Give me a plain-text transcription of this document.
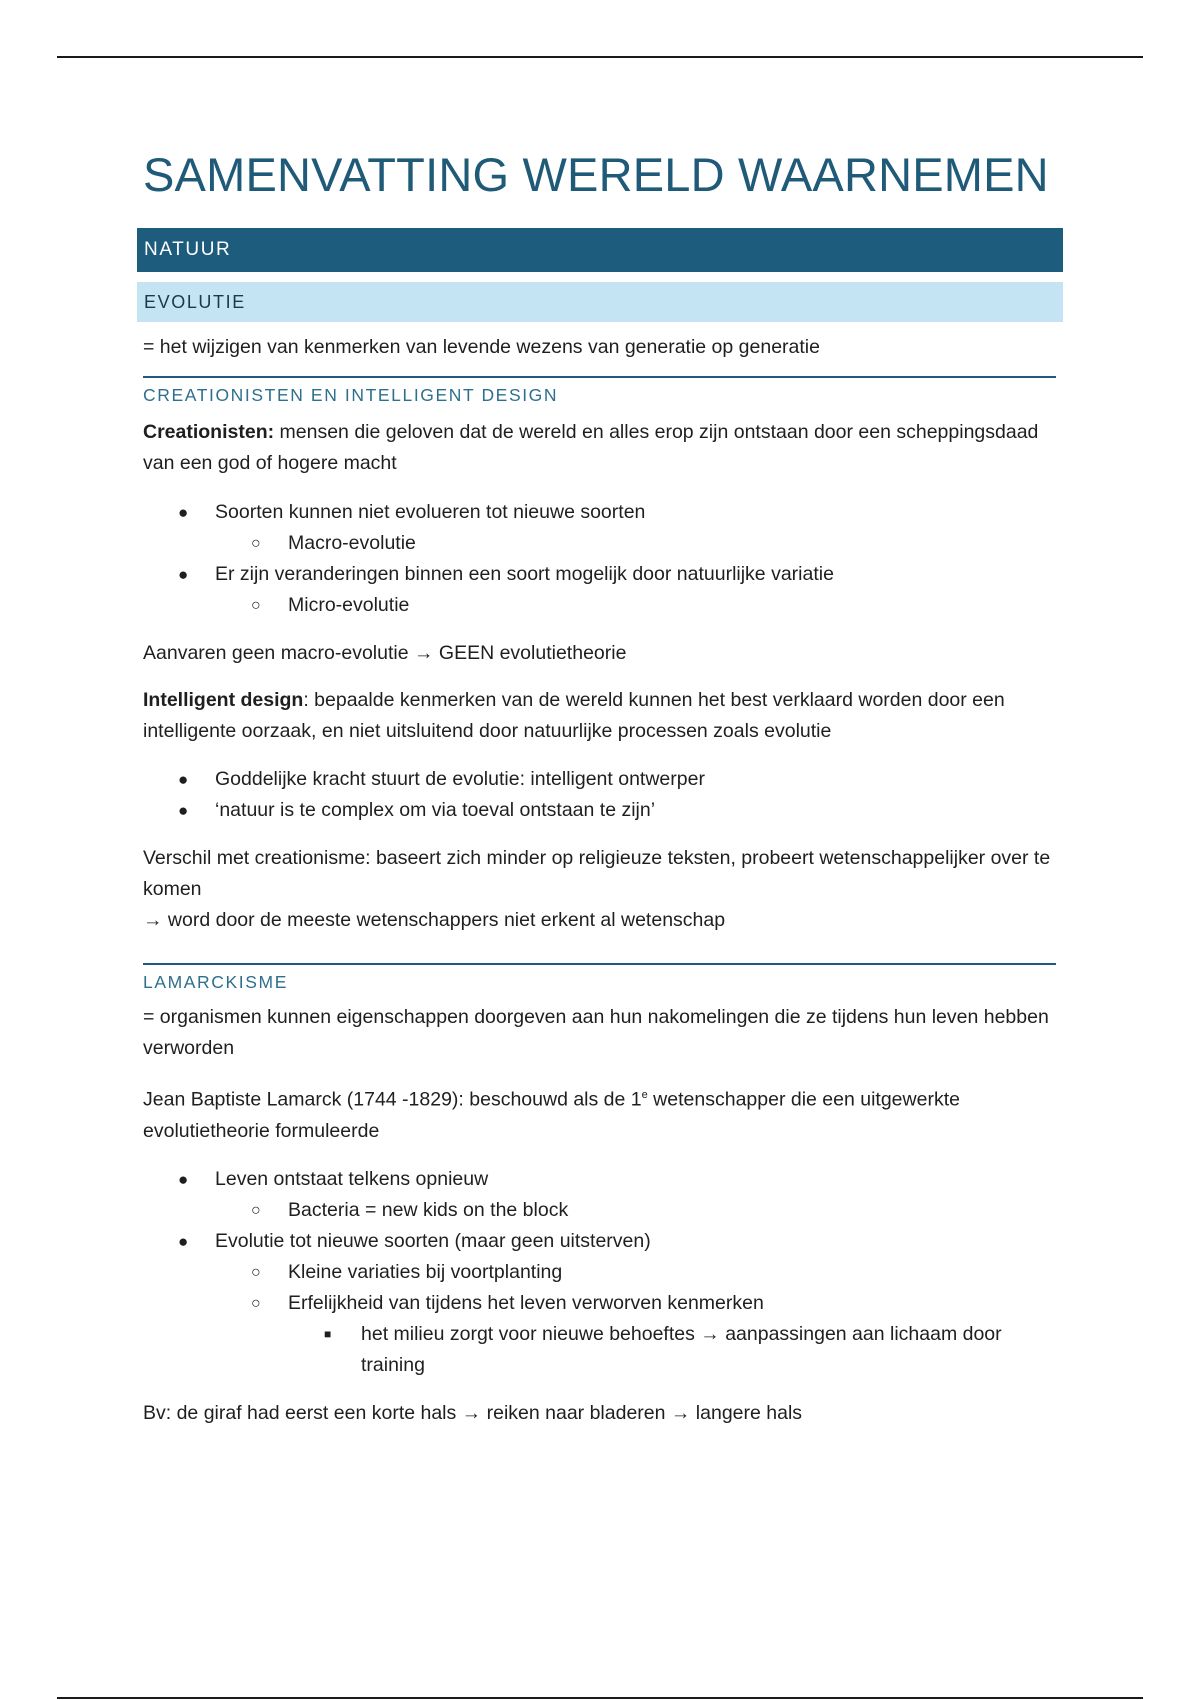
SAMENVATTING WERELD WAARNEMEN
NATUUR
EVOLUTIE

= het wijzigen van kenmerken van levende wezens van generatie op generatie

CREATIONISTEN EN INTELLIGENT DESIGN

Creationisten: mensen die geloven dat de wereld en alles erop zijn ontstaan door een scheppingsdaad van een god of hogere macht

● Soorten kunnen niet evolueren tot nieuwe soorten
○ Macro-evolutie
● Er zijn veranderingen binnen een soort mogelijk door natuurlijke variatie
○ Micro-evolutie

Aanvaren geen macro-evolutie → GEEN evolutietheorie

Intelligent design: bepaalde kenmerken van de wereld kunnen het best verklaard worden door een intelligente oorzaak, en niet uitsluitend door natuurlijke processen zoals evolutie

● Goddelijke kracht stuurt de evolutie: intelligent ontwerper
● ‘natuur is te complex om via toeval ontstaan te zijn’

Verschil met creationisme: baseert zich minder op religieuze teksten, probeert wetenschappelijker over te komen

→ word door de meeste wetenschappers niet erkent al wetenschap

LAMARCKISME

= organismen kunnen eigenschappen doorgeven aan hun nakomelingen die ze tijdens hun leven hebben verworden

Jean Baptiste Lamarck (1744 -1829): beschouwd als de 1e wetenschapper die een uitgewerkte evolutietheorie formuleerde

● Leven ontstaat telkens opnieuw
○ Bacteria = new kids on the block
● Evolutie tot nieuwe soorten (maar geen uitsterven)
○ Kleine variaties bij voortplanting
○ Erfelijkheid van tijdens het leven verworven kenmerken
■ het milieu zorgt voor nieuwe behoeftes → aanpassingen aan lichaam door training

Bv: de giraf had eerst een korte hals → reiken naar bladeren → langere hals
